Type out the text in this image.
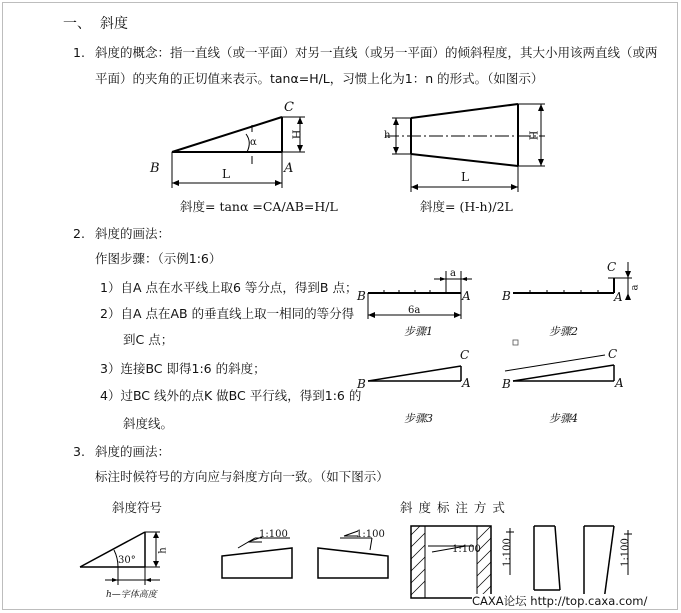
一、 斜度
1. 斜度的概念：指一直线（或一平面）对另一直线（或另一平面）的倾斜程度，其大小用该两直线（或两
平面）的夹角的正切值来表示。tanα=H/L，习惯上化为1：n 的形式。（如图示）
2. 斜度的画法：
作图步骤：（示例1:6）
1）自A 点在水平线上取6 等分点，得到B 点；
2）自A 点在AB 的垂直线上取一相同的等分得
到C 点；
3）连接BC 即得1:6 的斜度；
4）过BC 线外的点K 做BC 平行线，得到1:6 的
斜度线。
3. 斜度的画法：
标注时候符号的方向应与斜度方向一致。（如下图示）
斜度符号	斜 度 标 注 方 式
C
B	A
H
L
α
斜度= tanα =CA/AB=H/L
h	H
L
斜度= (H-h)/2L
B	A
a
6a
步骤1
B	A
C
a
步骤2
B	A
C
步骤3
B	A
C
步骤4
30°
h
h—字体高度
1:100	1:100
1:100 1:100	1:100
CAXA论坛 http://top.caxa.com/
